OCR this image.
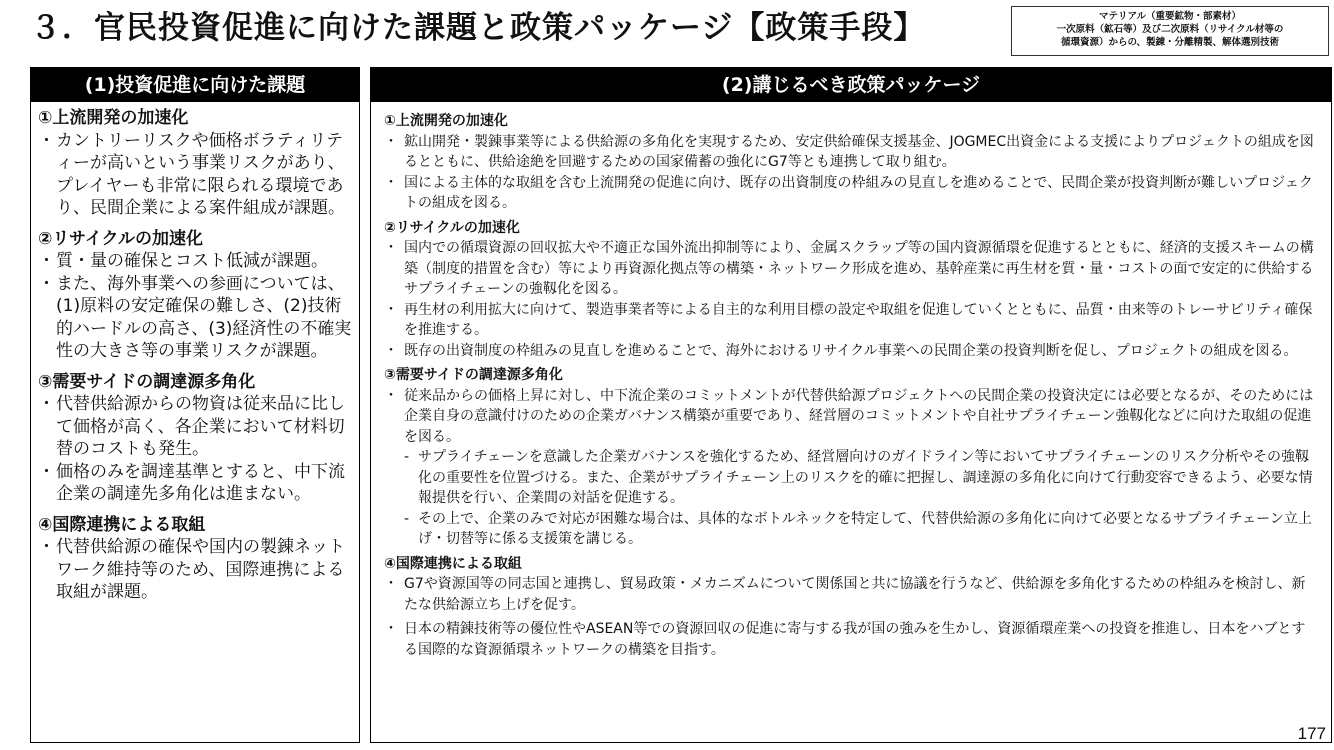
３．官民投資促進に向けた課題と政策パッケージ【政策手段】	マテリアル（重要鉱物・部素材）
一次原料（鉱石等）及び二次原料（リサイクル材等の
循環資源）からの、製錬・分離精製、解体選別技術
(1)投資促進に向けた課題
①上流開発の加速化
・ カントリーリスクや価格ボラティリティーが高いという事業リスクがあり、プレイヤーも非常に限られる環境であり、民間企業による案件組成が課題。
②リサイクルの加速化
・ 質・量の確保とコスト低減が課題。
・ また、海外事業への参画については、(1)原料の安定確保の難しさ、(2)技術的ハードルの高さ、(3)経済性の不確実性の大きさ等の事業リスクが課題。
③需要サイドの調達源多角化
・ 代替供給源からの物資は従来品に比して価格が高く、各企業において材料切替のコストも発生。
・ 価格のみを調達基準とすると、中下流企業の調達先多角化は進まない。
④国際連携による取組
・ 代替供給源の確保や国内の製錬ネットワーク維持等のため、国際連携による取組が課題。
(2)講じるべき政策パッケージ
①上流開発の加速化
・ 鉱山開発・製錬事業等による供給源の多角化を実現するため、安定供給確保支援基金、JOGMEC出資金による支援によりプロジェクトの組成を図るとともに、供給途絶を回避するための国家備蓄の強化にG7等とも連携して取り組む。
・ 国による主体的な取組を含む上流開発の促進に向け、既存の出資制度の枠組みの見直しを進めることで、民間企業が投資判断が難しいプロジェクトの組成を図る。
②リサイクルの加速化
・ 国内での循環資源の回収拡大や不適正な国外流出抑制等により、金属スクラップ等の国内資源循環を促進するとともに、経済的支援スキームの構築（制度的措置を含む）等により再資源化拠点等の構築・ネットワーク形成を進め、基幹産業に再生材を質・量・コストの面で安定的に供給するサプライチェーンの強靱化を図る。
・ 再生材の利用拡大に向けて、製造事業者等による自主的な利用目標の設定や取組を促進していくとともに、品質・由来等のトレーサビリティ確保を推進する。
・ 既存の出資制度の枠組みの見直しを進めることで、海外におけるリサイクル事業への民間企業の投資判断を促し、プロジェクトの組成を図る。
③需要サイドの調達源多角化
・ 従来品からの価格上昇に対し、中下流企業のコミットメントが代替供給源プロジェクトへの民間企業の投資決定には必要となるが、そのためには企業自身の意識付けのための企業ガバナンス構築が重要であり、経営層のコミットメントや自社サプライチェーン強靱化などに向けた取組の促進を図る。
- サプライチェーンを意識した企業ガバナンスを強化するため、経営層向けのガイドライン等においてサプライチェーンのリスク分析やその強靱化の重要性を位置づける。また、企業がサプライチェーン上のリスクを的確に把握し、調達源の多角化に向けて行動変容できるよう、必要な情報提供を行い、企業間の対話を促進する。
- その上で、企業のみで対応が困難な場合は、具体的なボトルネックを特定して、代替供給源の多角化に向けて必要となるサプライチェーン立上げ・切替等に係る支援策を講じる。
④国際連携による取組
・ G7や資源国等の同志国と連携し、貿易政策・メカニズムについて関係国と共に協議を行うなど、供給源を多角化するための枠組みを検討し、新たな供給源立ち上げを促す。
・ 日本の精錬技術等の優位性やASEAN等での資源回収の促進に寄与する我が国の強みを生かし、資源循環産業への投資を推進し、日本をハブとする国際的な資源循環ネットワークの構築を目指す。
177
